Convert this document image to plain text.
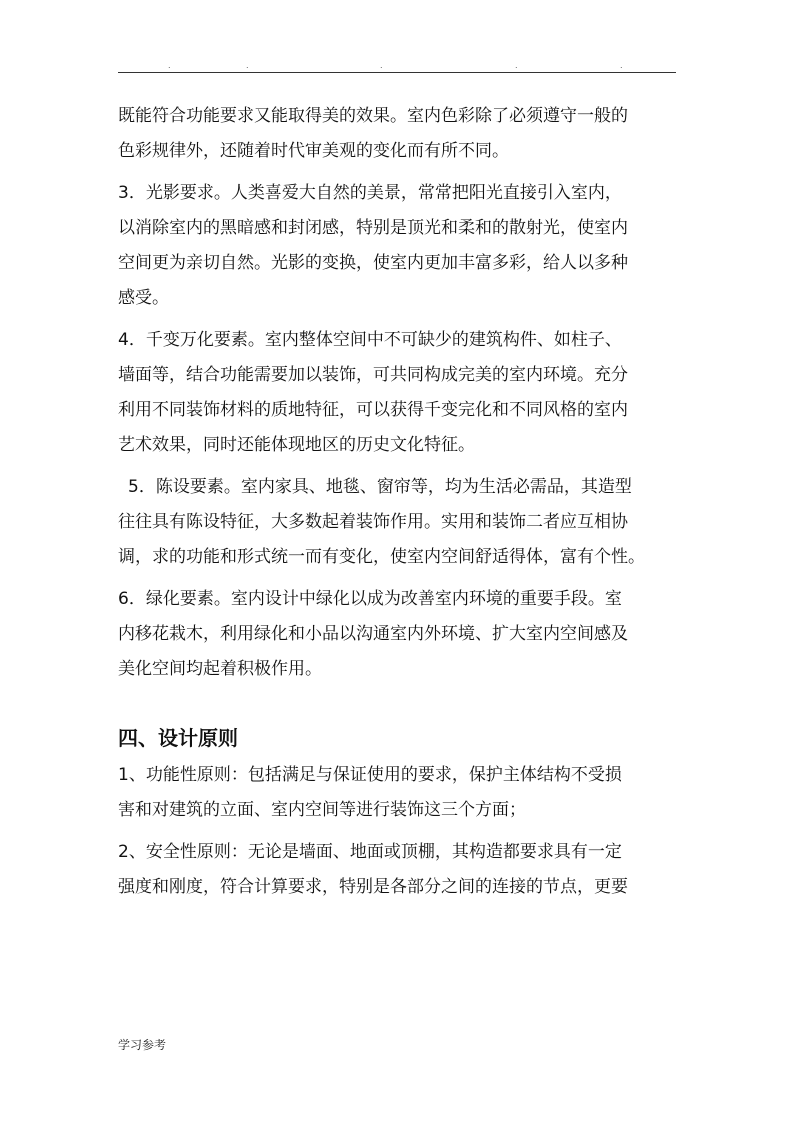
.	.	.	.	.
既能符合功能要求又能取得美的效果。室内色彩除了必须遵守一般的
色彩规律外，还随着时代审美观的变化而有所不同。
3．光影要求。人类喜爱大自然的美景，常常把阳光直接引入室内，
以消除室内的黑暗感和封闭感，特别是顶光和柔和的散射光，使室内
空间更为亲切自然。光影的变换，使室内更加丰富多彩，给人以多种
感受。
4．千变万化要素。室内整体空间中不可缺少的建筑构件、如柱子、
墙面等，结合功能需要加以装饰，可共同构成完美的室内环境。充分
利用不同装饰材料的质地特征，可以获得千变完化和不同风格的室内
艺术效果，同时还能体现地区的历史文化特征。
5．陈设要素。室内家具、地毯、窗帘等，均为生活必需品，其造型
往往具有陈设特征，大多数起着装饰作用。实用和装饰二者应互相协
调，求的功能和形式统一而有变化，使室内空间舒适得体，富有个性。
6．绿化要素。室内设计中绿化以成为改善室内环境的重要手段。室
内移花栽木，利用绿化和小品以沟通室内外环境、扩大室内空间感及
美化空间均起着积极作用。
四、设计原则
1、功能性原则：包括满足与保证使用的要求，保护主体结构不受损
害和对建筑的立面、室内空间等进行装饰这三个方面；
2、安全性原则：无论是墙面、地面或顶棚，其构造都要求具有一定
强度和刚度，符合计算要求，特别是各部分之间的连接的节点，更要
学习参考
